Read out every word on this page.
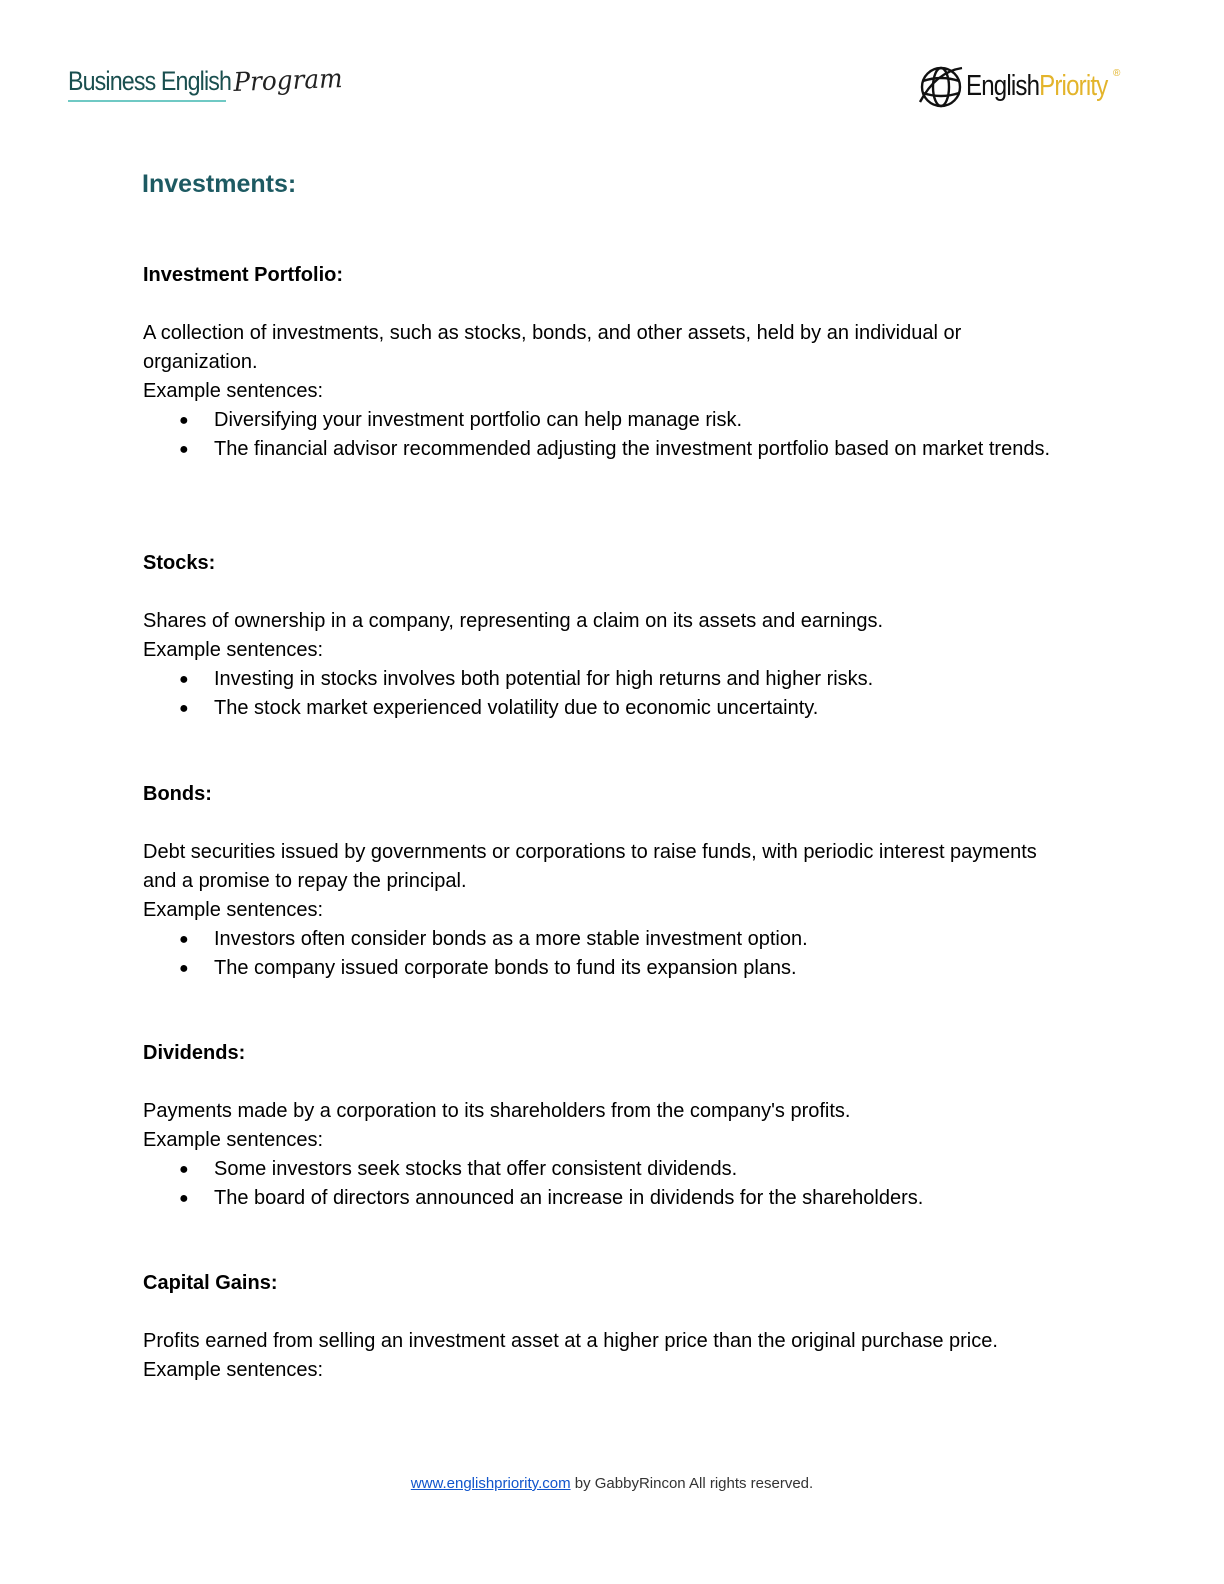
Business English Program	EnglishPriority ®
Investments:

Investment Portfolio:

A collection of investments, such as stocks, bonds, and other assets, held by an individual or organization.

Example sentences:

● Diversifying your investment portfolio can help manage risk.
● The financial advisor recommended adjusting the investment portfolio based on market trends.

Stocks:

Shares of ownership in a company, representing a claim on its assets and earnings.

Example sentences:

● Investing in stocks involves both potential for high returns and higher risks.
● The stock market experienced volatility due to economic uncertainty.

Bonds:

Debt securities issued by governments or corporations to raise funds, with periodic interest payments and a promise to repay the principal.

Example sentences:

● Investors often consider bonds as a more stable investment option.
● The company issued corporate bonds to fund its expansion plans.

Dividends:

Payments made by a corporation to its shareholders from the company's profits.

Example sentences:

● Some investors seek stocks that offer consistent dividends.
● The board of directors announced an increase in dividends for the shareholders.

Capital Gains:

Profits earned from selling an investment asset at a higher price than the original purchase price.

Example sentences:

www.englishpriority.com by GabbyRincon All rights reserved.
